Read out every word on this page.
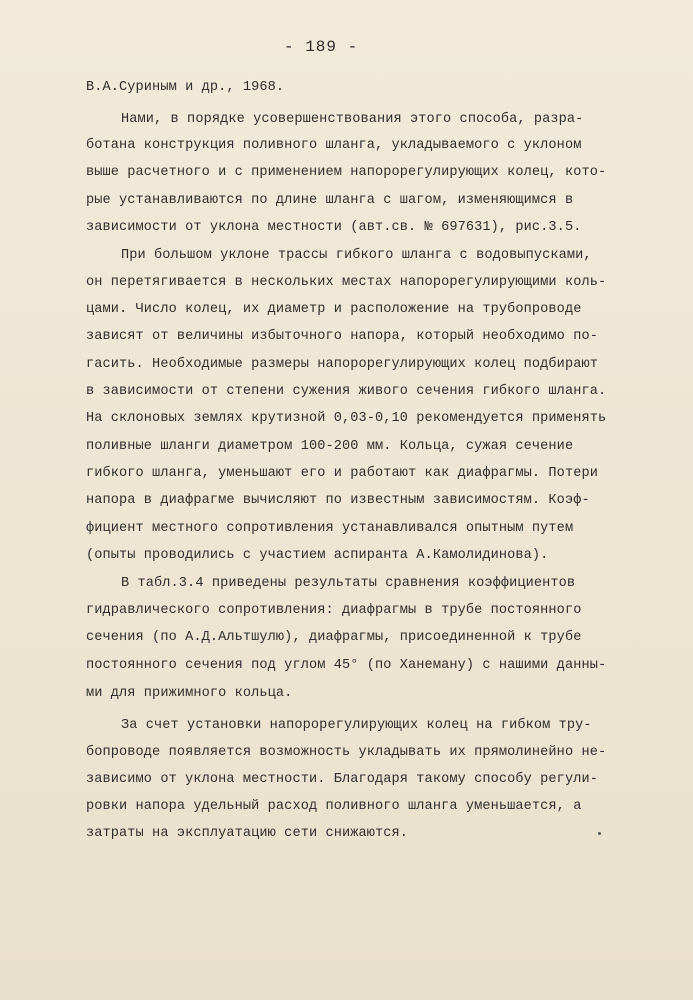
- 189 -
В.А.Суриным и др., 1968.
Нами, в порядке усовершенствования этого способа, разра-
ботана конструкция поливного шланга, укладываемого с уклоном
выше расчетного и с применением напорорегулирующих колец, кото-
рые устанавливаются по длине шланга с шагом, изменяющимся в
зависимости от уклона местности (авт.св. № 697631), рис.3.5.
При большом уклоне трассы гибкого шланга с водовыпусками,
он перетягивается в нескольких местах напорорегулирующими коль-
цами. Число колец, их диаметр и расположение на трубопроводе
зависят от величины избыточного напора, который необходимо по-
гасить. Необходимые размеры напорорегулирующих колец подбирают
в зависимости от степени сужения живого сечения гибкого шланга.
На склоновых землях крутизной 0,03-0,10 рекомендуется применять
поливные шланги диаметром 100-200 мм. Кольца, сужая сечение
гибкого шланга, уменьшают его и работают как диафрагмы. Потери
напора в диафрагме вычисляют по известным зависимостям. Коэф-
фициент местного сопротивления устанавливался опытным путем
(опыты проводились с участием аспиранта А.Камолидинова).
В табл.3.4 приведены результаты сравнения коэффициентов
гидравлического сопротивления: диафрагмы в трубе постоянного
сечения (по А.Д.Альтшулю), диафрагмы, присоединенной к трубе
постоянного сечения под углом 45° (по Ханеману) с нашими данны-
ми для прижимного кольца.
За счет установки напорорегулирующих колец на гибком тру-
бопроводе появляется возможность укладывать их прямолинейно не-
зависимо от уклона местности. Благодаря такому способу регули-
ровки напора удельный расход поливного шланга уменьшается, а
затраты на эксплуатацию сети снижаются.
